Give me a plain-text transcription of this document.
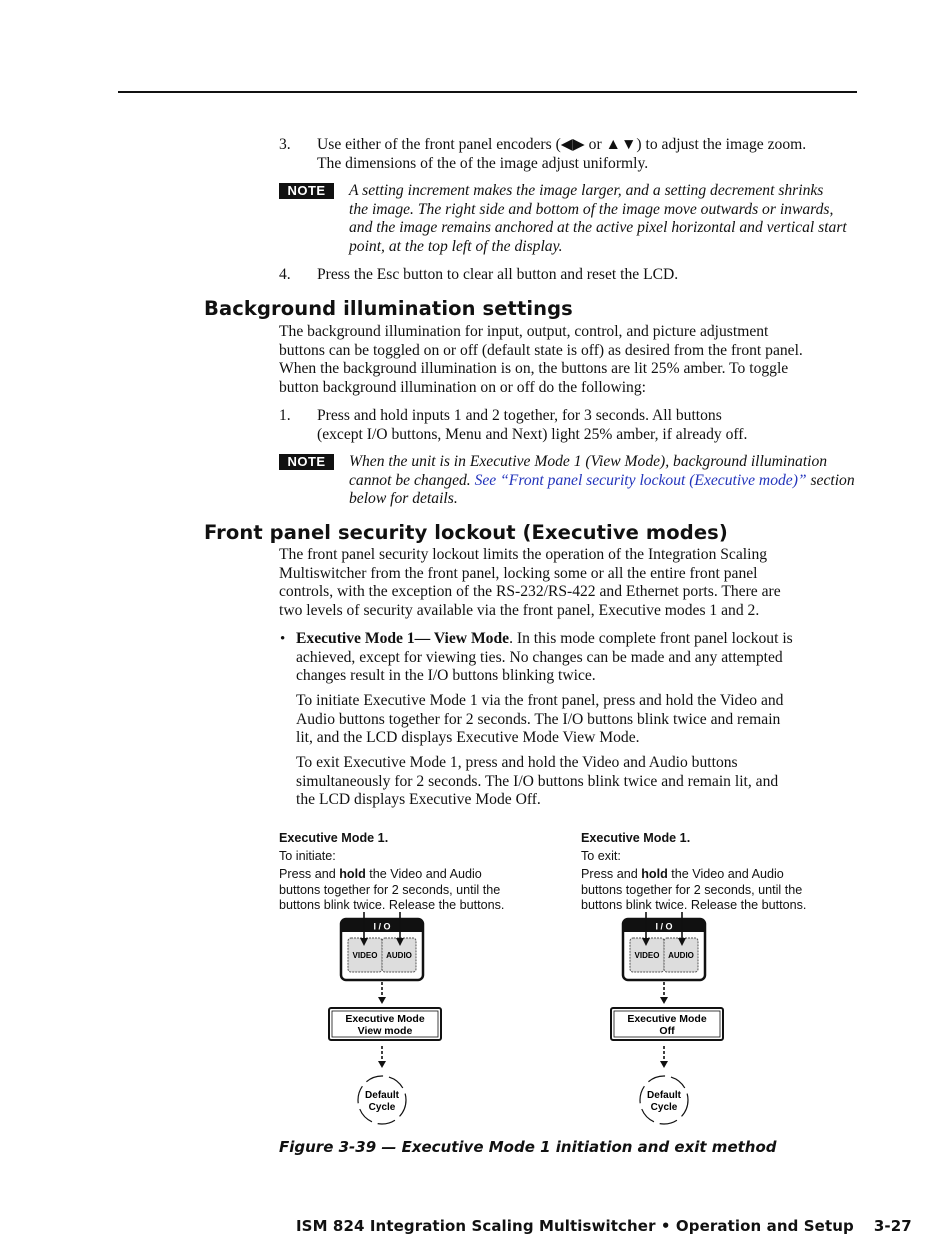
3. Use either of the front panel encoders (◀▶ or ▲▼) to adjust the image zoom.
The dimensions of the of the image adjust uniformly.
NOTE	A setting increment makes the image larger, and a setting decrement shrinks
the image. The right side and bottom of the image move outwards or inwards,
and the image remains anchored at the active pixel horizontal and vertical start
point, at the top left of the display.
4. Press the Esc button to clear all button and reset the LCD.
Background illumination settings
The background illumination for input, output, control, and picture adjustment
buttons can be toggled on or off (default state is off) as desired from the front panel.
When the background illumination is on, the buttons are lit 25% amber. To toggle
button background illumination on or off do the following:
1. Press and hold inputs 1 and 2 together, for 3 seconds. All buttons
(except I/O buttons, Menu and Next) light 25% amber, if already off.
NOTE	When the unit is in Executive Mode 1 (View Mode), background illumination
cannot be changed. See “Front panel security lockout (Executive mode)” section
below for details.
Front panel security lockout (Executive modes)
The front panel security lockout limits the operation of the Integration Scaling
Multiswitcher from the front panel, locking some or all the entire front panel
controls, with the exception of the RS-232/RS-422 and Ethernet ports. There are
two levels of security available via the front panel, Executive modes 1 and 2.
• Executive Mode 1— View Mode. In this mode complete front panel lockout is
achieved, except for viewing ties. No changes can be made and any attempted
changes result in the I/O buttons blinking twice.
To initiate Executive Mode 1 via the front panel, press and hold the Video and
Audio buttons together for 2 seconds. The I/O buttons blink twice and remain
lit, and the LCD displays Executive Mode View Mode.
To exit Executive Mode 1, press and hold the Video and Audio buttons
simultaneously for 2 seconds. The I/O buttons blink twice and remain lit, and
the LCD displays Executive Mode Off.
Executive Mode 1.
To initiate:
Press and hold the Video and Audio
buttons together for 2 seconds, until the
buttons blink twice. Release the buttons.
Executive Mode 1.
To exit:
Press and hold the Video and Audio
buttons together for 2 seconds, until the
buttons blink twice. Release the buttons.
I / O
VIDEO AUDIO
Executive Mode
View mode
Default
Cycle
I / O
VIDEO AUDIO
Executive Mode
Off
Default
Cycle
Figure 3-39 — Executive Mode 1 initiation and exit method
ISM 824 Integration Scaling Multiswitcher • Operation and Setup 3-27
